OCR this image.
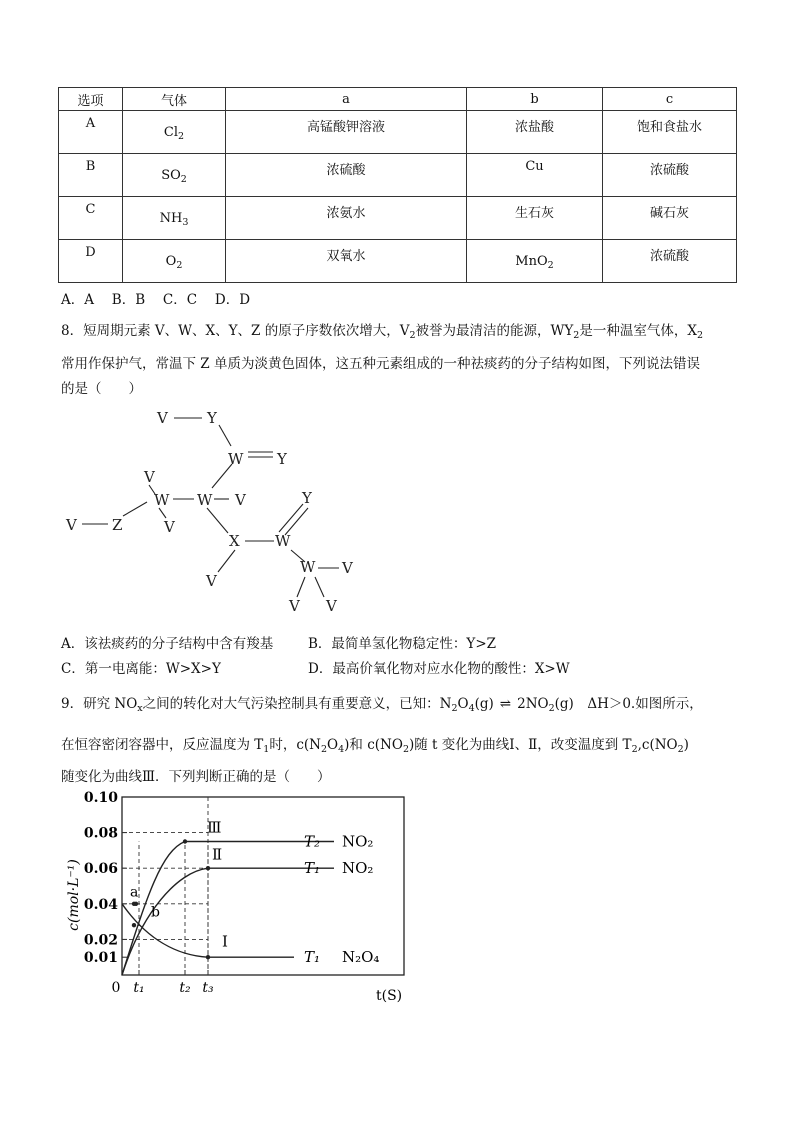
选项	气体	a	b	c

A	$Cl_2$	高锰酸钾溶液	浓盐酸	饱和食盐水

B	$SO_2$	浓硫酸	Cu	浓硫酸

C	$NH_3$	浓氨水	生石灰	碱石灰

D	$O_2$	双氧水	MnO$_2$	浓硫酸
A．A　 B．B　 C．C　 D．D
8．短周期元素 V、W、X、Y、Z 的原子序数依次增大，$V_2$被誉为最清洁的能源，$WY_2$是一种温室气体，$X_2$
常用作保护气，常温下 Z 单质为淡黄色固体，这五种元素组成的一种祛痰药的分子结构如图，下列说法错误
的是（　　）
V	Y
W Y
V
W W V	Y
V
V Z
X W
W V
V
V V
A．该祛痰药的分子结构中含有羧基	B．最简单氢化物稳定性：Y>Z
C．第一电离能：W>X>Y	D．最高价氧化物对应水化物的酸性：X>W
9．研究 $NO_x$之间的转化对大气污染控制具有重要意义，已知：$N_2O_4(g)$ ⇌ $2NO_2(g)$　ΔH＞0.如图所示，
在恒容密闭容器中，反应温度为 $T_1$时，$c(N_2O_4)$和 $c(NO_2)$随 t 变化为曲线Ⅰ、Ⅱ，改变温度到 $T_2,c(NO_2)$
随变化为曲线Ⅲ．下列判断正确的是（　　）
c(mol·L⁻¹)
t(S)
0.10
0.08
0.06
0.04
0.02
0.01
0 t₁ t₂ t₃
a
b
Ⅲ
T₂ NO₂
Ⅱ
T₁ NO₂
Ⅰ
T₁ N₂O₄
